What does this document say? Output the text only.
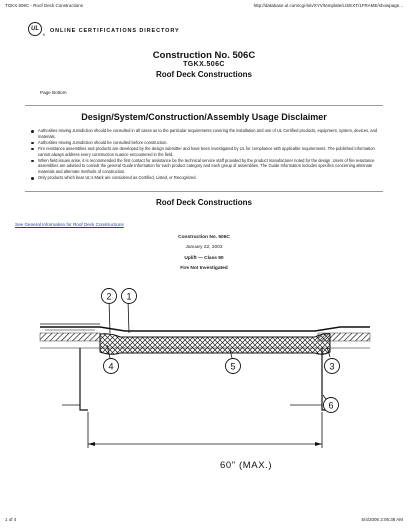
TGKX.506C - Roof Deck Constructions	http://database.ul.com/cgi-bin/XYV/template/LISEXT/1FRAME/showpage...
UL
®
ONLINE CERTIFICATIONS DIRECTORY
Construction No. 506C
TGKX.506C
Roof Deck Constructions
Page Bottom
Design/System/Construction/Assembly Usage Disclaimer
Authorities Having Jurisdiction should be consulted in all cases as to the particular requirements covering the installation and use of UL Certified products, equipment, system, devices, and materials.
Authorities Having Jurisdiction should be consulted before construction.
Fire resistance assemblies and products are developed by the design submitter and have been investigated by UL for compliance with applicable requirements. The published information cannot always address every construction nuance encountered in the field.
When field issues arise, it is recommended the first contact for assistance be the technical service staff provided by the product manufacturer noted for the design. Users of fire resistance assemblies are advised to consult the general Guide Information for each product category and each group of assemblies. The Guide Information includes specifics concerning alternate materials and alternate methods of construction.
Only products which bear UL's Mark are considered as Certified, Listed, or Recognized.
Roof Deck Constructions
See General Information for Roof Deck Constructions
Construction No. 506C
January 22, 2003
Uplift — Class 90
Fire Not Investigated
2 1
4	5	3
6
60" (MAX.)
1 of 4	5/4/2006 2:06:38 AM
